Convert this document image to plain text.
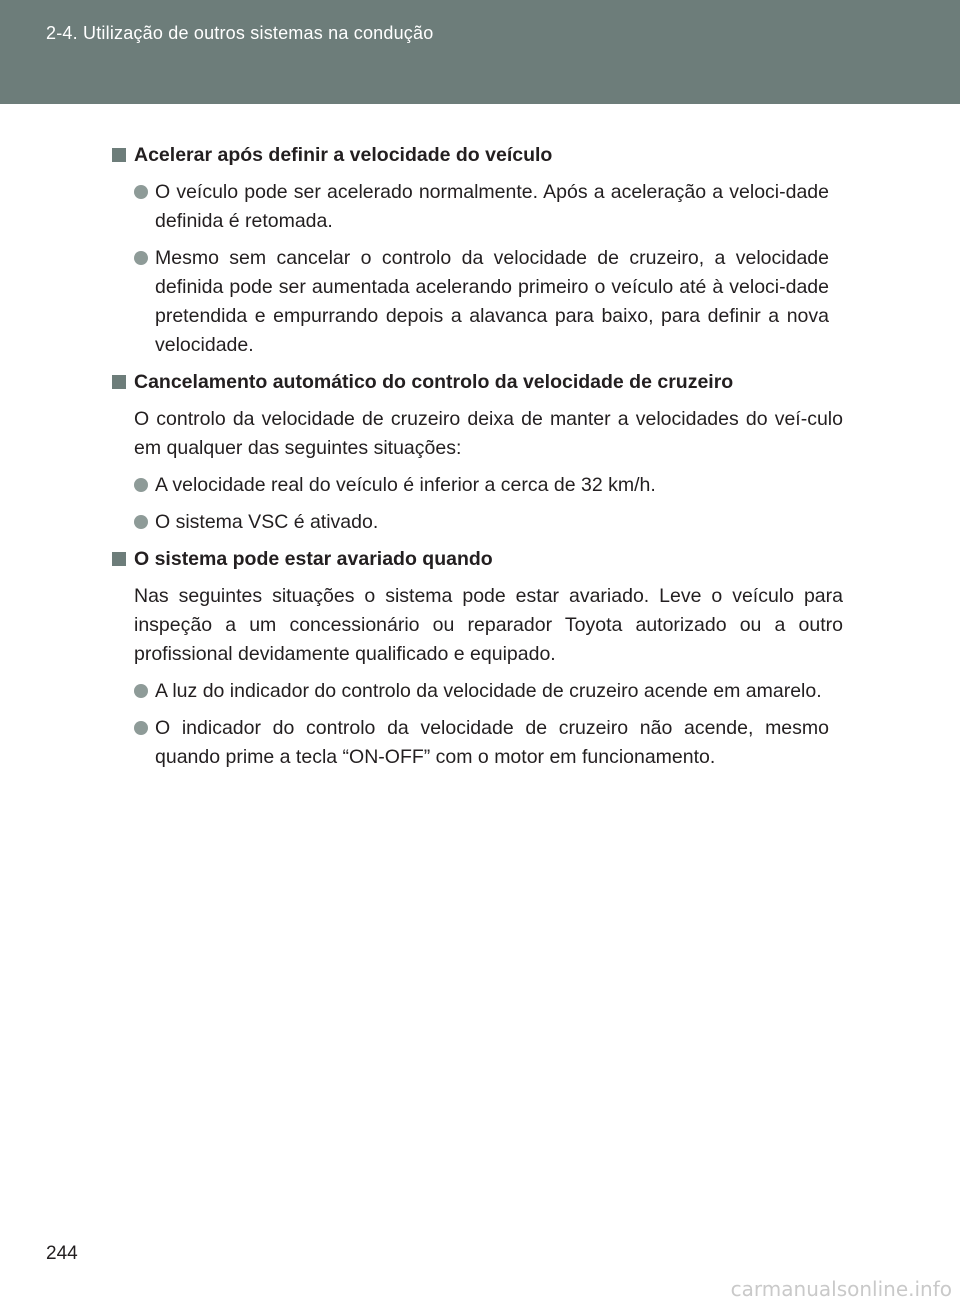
2-4. Utilização de outros sistemas na condução
Acelerar após definir a velocidade do veículo
O veículo pode ser acelerado normalmente. Após a aceleração a veloci-dade definida é retomada.
Mesmo sem cancelar o controlo da velocidade de cruzeiro, a velocidade definida pode ser aumentada acelerando primeiro o veículo até à veloci-dade pretendida e empurrando depois a alavanca para baixo, para definir a nova velocidade.
Cancelamento automático do controlo da velocidade de cruzeiro
O controlo da velocidade de cruzeiro deixa de manter a velocidades do veí-culo em qualquer das seguintes situações:
A velocidade real do veículo é inferior a cerca de 32 km/h.
O sistema VSC é ativado.
O sistema pode estar avariado quando
Nas seguintes situações o sistema pode estar avariado. Leve o veículo para inspeção a um concessionário ou reparador Toyota autorizado ou a outro profissional devidamente qualificado e equipado.
A luz do indicador do controlo da velocidade de cruzeiro acende em amarelo.
O indicador do controlo da velocidade de cruzeiro não acende, mesmo quando prime a tecla “ON-OFF” com o motor em funcionamento.
244
carmanualsonline.info
